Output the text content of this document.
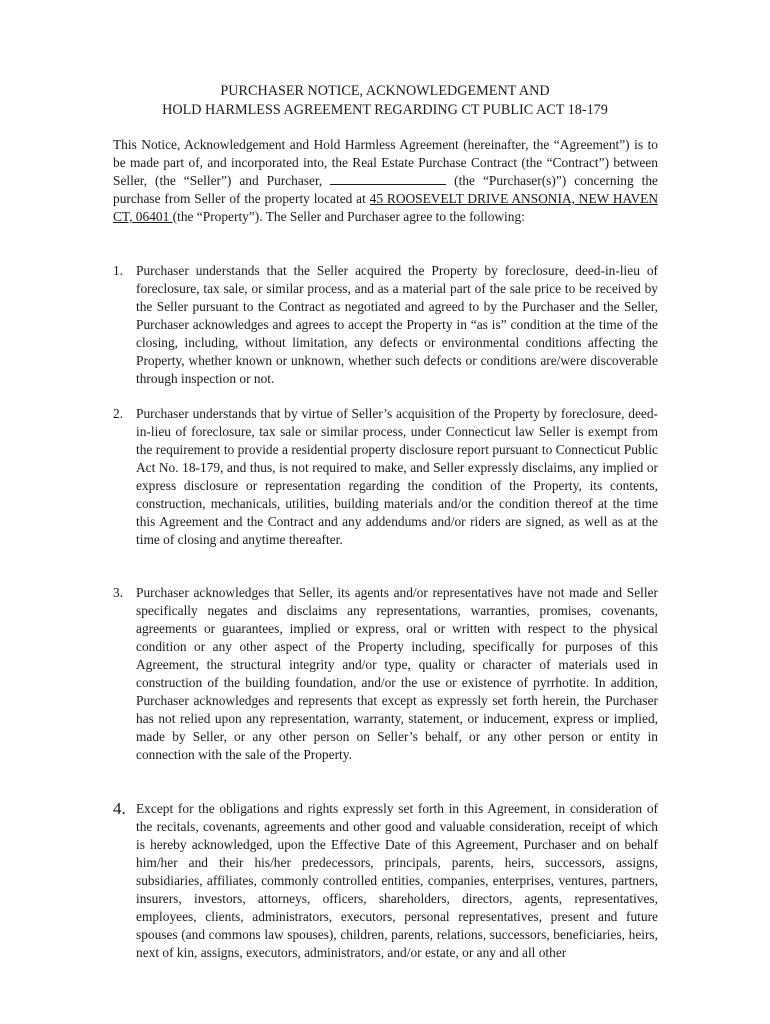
PURCHASER NOTICE, ACKNOWLEDGEMENT AND
HOLD HARMLESS AGREEMENT REGARDING CT PUBLIC ACT 18-179

This Notice, Acknowledgement and Hold Harmless Agreement (hereinafter, the “Agreement”) is to be made part of, and incorporated into, the Real Estate Purchase Contract (the “Contract”) between Seller, (the “Seller”) and Purchaser,	(the “Purchaser(s)”) concerning the purchase from Seller of the property located at 45 ROOSEVELT DRIVE ANSONIA, NEW HAVEN CT, 06401 (the “Property”). The Seller and Purchaser agree to the following:

1. Purchaser understands that the Seller acquired the Property by foreclosure, deed-in-lieu of foreclosure, tax sale, or similar process, and as a material part of the sale price to be received by the Seller pursuant to the Contract as negotiated and agreed to by the Purchaser and the Seller, Purchaser acknowledges and agrees to accept the Property in “as is” condition at the time of the closing, including, without limitation, any defects or environmental conditions affecting the Property, whether known or unknown, whether such defects or conditions are/were discoverable through inspection or not.

2. Purchaser understands that by virtue of Seller’s acquisition of the Property by foreclosure, deed-in-lieu of foreclosure, tax sale or similar process, under Connecticut law Seller is exempt from the requirement to provide a residential property disclosure report pursuant to Connecticut Public Act No. 18-179, and thus, is not required to make, and Seller expressly disclaims, any implied or express disclosure or representation regarding the condition of the Property, its contents, construction, mechanicals, utilities, building materials and/or the condition thereof at the time this Agreement and the Contract and any addendums and/or riders are signed, as well as at the time of closing and anytime thereafter.

3. Purchaser acknowledges that Seller, its agents and/or representatives have not made and Seller specifically negates and disclaims any representations, warranties, promises, covenants, agreements or guarantees, implied or express, oral or written with respect to the physical condition or any other aspect of the Property including, specifically for purposes of this Agreement, the structural integrity and/or type, quality or character of materials used in construction of the building foundation, and/or the use or existence of pyrrhotite. In addition, Purchaser acknowledges and represents that except as expressly set forth herein, the Purchaser has not relied upon any representation, warranty, statement, or inducement, express or implied, made by Seller, or any other person on Seller’s behalf, or any other person or entity in connection with the sale of the Property.

4. Except for the obligations and rights expressly set forth in this Agreement, in consideration of the recitals, covenants, agreements and other good and valuable consideration, receipt of which is hereby acknowledged, upon the Effective Date of this Agreement, Purchaser and on behalf him/her and their his/her predecessors, principals, parents, heirs, successors, assigns, subsidiaries, affiliates, commonly controlled entities, companies, enterprises, ventures, partners, insurers, investors, attorneys, officers, shareholders, directors, agents, representatives, employees, clients, administrators, executors, personal representatives, present and future spouses (and commons law spouses), children, parents, relations, successors, beneficiaries, heirs, next of kin, assigns, executors, administrators, and/or estate, or any and all other
